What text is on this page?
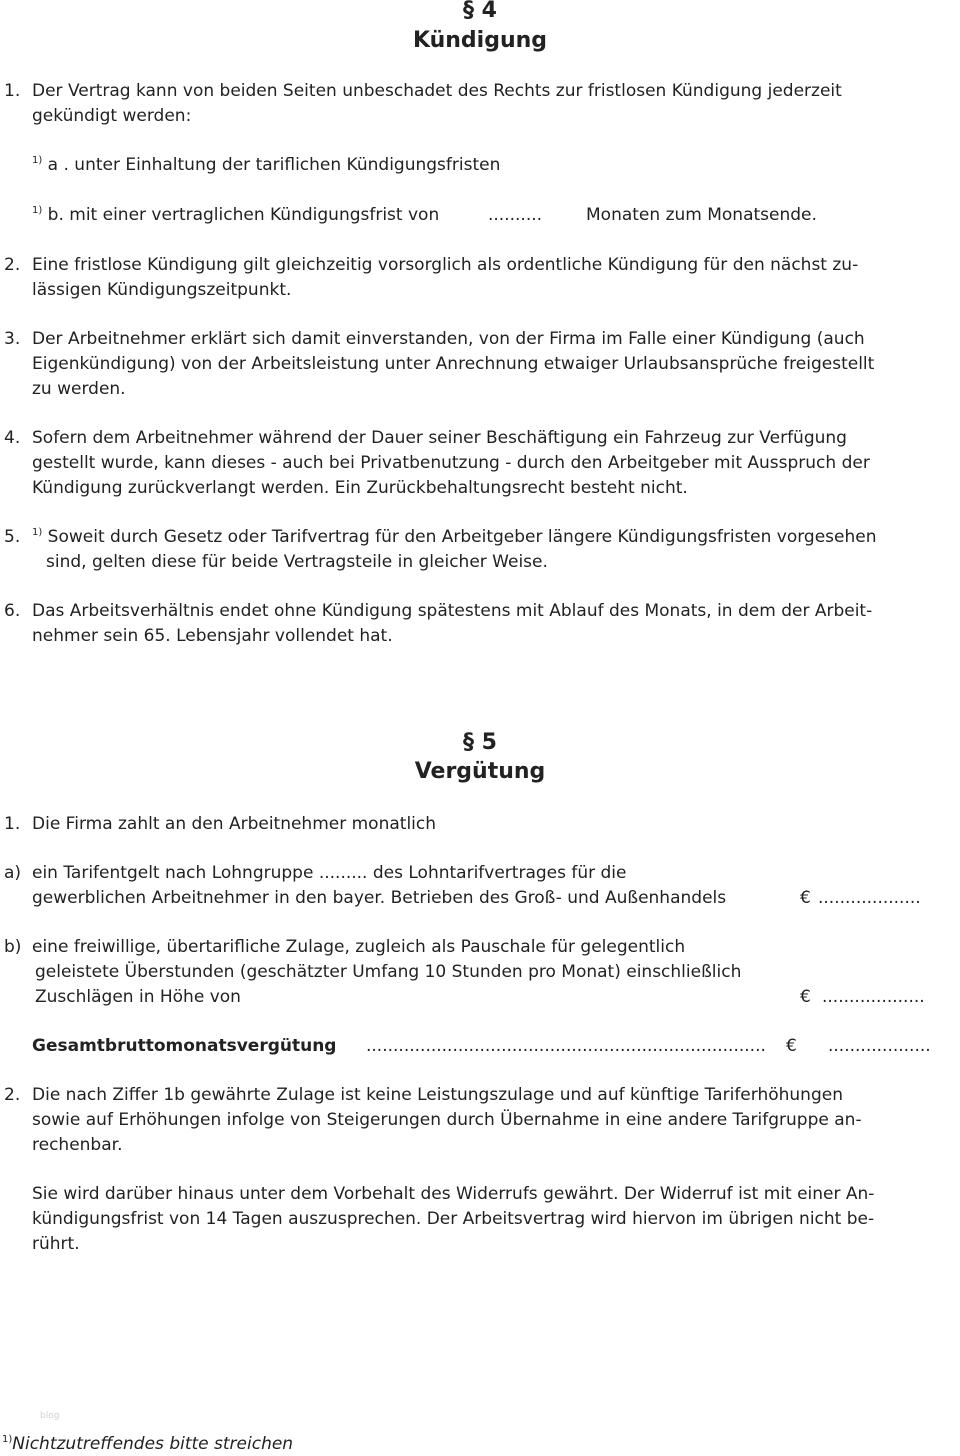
§ 4
Kündigung
1. Der Vertrag kann von beiden Seiten unbeschadet des Rechts zur fristlosen Kündigung jederzeit
gekündigt werden:
$^{1)}$ a . unter Einhaltung der tariflichen Kündigungsfristen
$^{1)}$ b. mit einer vertraglichen Kündigungsfrist von	..........	Monaten zum Monatsende.
2. Eine fristlose Kündigung gilt gleichzeitig vorsorglich als ordentliche Kündigung für den nächst zu-
lässigen Kündigungszeitpunkt.
3. Der Arbeitnehmer erklärt sich damit einverstanden, von der Firma im Falle einer Kündigung (auch
Eigenkündigung) von der Arbeitsleistung unter Anrechnung etwaiger Urlaubsansprüche freigestellt
zu werden.
4. Sofern dem Arbeitnehmer während der Dauer seiner Beschäftigung ein Fahrzeug zur Verfügung
gestellt wurde, kann dieses - auch bei Privatbenutzung - durch den Arbeitgeber mit Ausspruch der
Kündigung zurückverlangt werden. Ein Zurückbehaltungsrecht besteht nicht.
5. $^{1)}$ Soweit durch Gesetz oder Tarifvertrag für den Arbeitgeber längere Kündigungsfristen vorgesehen
sind, gelten diese für beide Vertragsteile in gleicher Weise.
6. Das Arbeitsverhältnis endet ohne Kündigung spätestens mit Ablauf des Monats, in dem der Arbeit-
nehmer sein 65. Lebensjahr vollendet hat.
§ 5
Vergütung
1. Die Firma zahlt an den Arbeitnehmer monatlich
a) ein Tarifentgelt nach Lohngruppe ......... des Lohntarifvertrages für die
gewerblichen Arbeitnehmer in den bayer. Betrieben des Groß- und Außenhandels	€ ...................
b) eine freiwillige, übertarifliche Zulage, zugleich als Pauschale für gelegentlich
geleistete Überstunden (geschätzter Umfang 10 Stunden pro Monat) einschließlich
Zuschlägen in Höhe von	€ ...................
Gesamtbruttomonatsvergütung ..........................................................................	€ ...................
2. Die nach Ziffer 1b gewährte Zulage ist keine Leistungszulage und auf künftige Tariferhöhungen
sowie auf Erhöhungen infolge von Steigerungen durch Übernahme in eine andere Tarifgruppe an-
rechenbar.
Sie wird darüber hinaus unter dem Vorbehalt des Widerrufs gewährt. Der Widerruf ist mit einer An-
kündigungsfrist von 14 Tagen auszusprechen. Der Arbeitsvertrag wird hiervon im übrigen nicht be-
rührt.
blog
$^{1)}$Nichtzutreffendes bitte streichen
